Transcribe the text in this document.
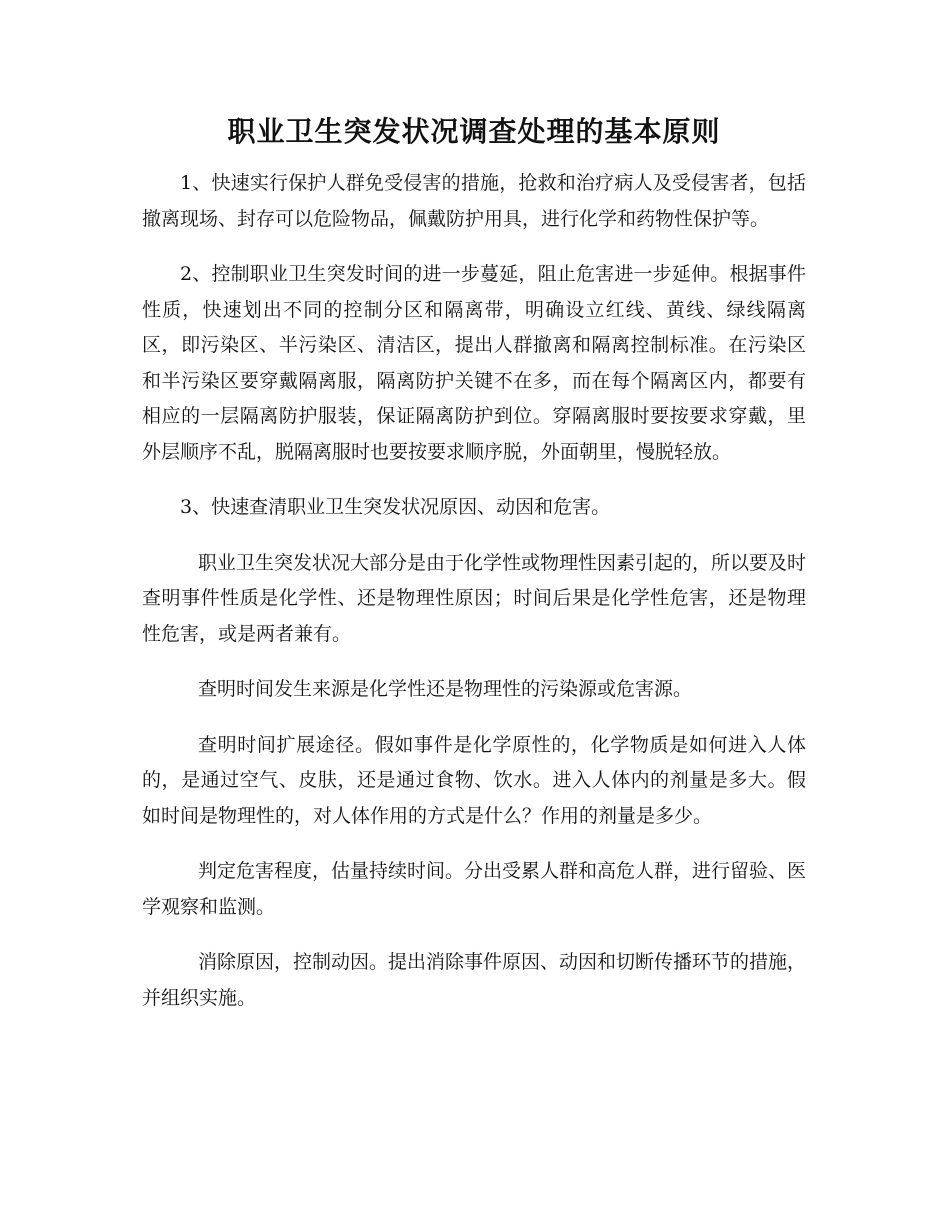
职业卫生突发状况调查处理的基本原则

1、快速实行保护人群免受侵害的措施，抢救和治疗病人及受侵害者，包括撤离现场、封存可以危险物品，佩戴防护用具，进行化学和药物性保护等。

2、控制职业卫生突发时间的进一步蔓延，阻止危害进一步延伸。根据事件性质，快速划出不同的控制分区和隔离带，明确设立红线、黄线、绿线隔离区，即污染区、半污染区、清洁区，提出人群撤离和隔离控制标准。在污染区和半污染区要穿戴隔离服，隔离防护关键不在多，而在每个隔离区内，都要有相应的一层隔离防护服装，保证隔离防护到位。穿隔离服时要按要求穿戴，里外层顺序不乱，脱隔离服时也要按要求顺序脱，外面朝里，慢脱轻放。

3、快速查清职业卫生突发状况原因、动因和危害。

职业卫生突发状况大部分是由于化学性或物理性因素引起的，所以要及时查明事件性质是化学性、还是物理性原因；时间后果是化学性危害，还是物理性危害，或是两者兼有。

查明时间发生来源是化学性还是物理性的污染源或危害源。

查明时间扩展途径。假如事件是化学原性的，化学物质是如何进入人体的，是通过空气、皮肤，还是通过食物、饮水。进入人体内的剂量是多大。假如时间是物理性的，对人体作用的方式是什么？作用的剂量是多少。

判定危害程度，估量持续时间。分出受累人群和高危人群，进行留验、医学观察和监测。

消除原因，控制动因。提出消除事件原因、动因和切断传播环节的措施，并组织实施。
